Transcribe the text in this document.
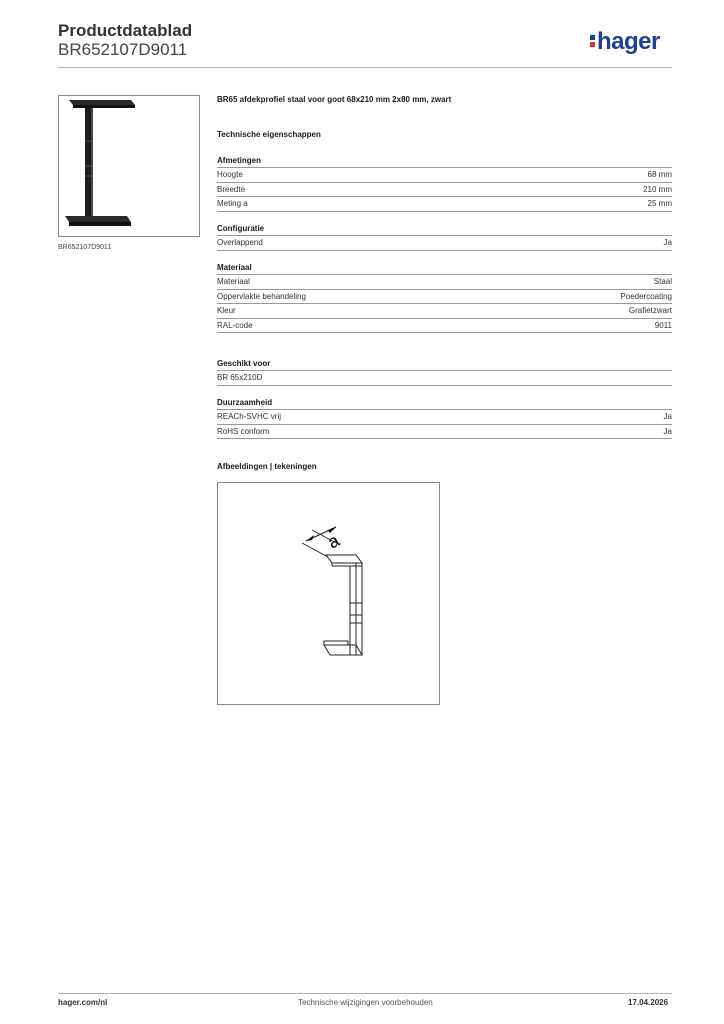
Productdatablad
BR652107D9011	hager
BR652107D9011
BR65 afdekprofiel staal voor goot 68x210 mm 2x80 mm, zwart
Technische eigenschappen
Afmetingen
Hoogte	68 mm
Breedte	210 mm
Meting a	25 mm
Configuratie
Overlappend	Ja
Materiaal
Materiaal	Staal
Oppervlakte behandeling	Poedercoating
Kleur	Grafietzwart
RAL-code	9011
Geschikt voor
BR 65x210D
Duurzaamheid
REACh-SVHC vrij	Ja
RoHS conform	Ja
Afbeeldingen | tekeningen
a
hager.com/nl	Technische wijzigingen voorbehouden	17.04.2026
